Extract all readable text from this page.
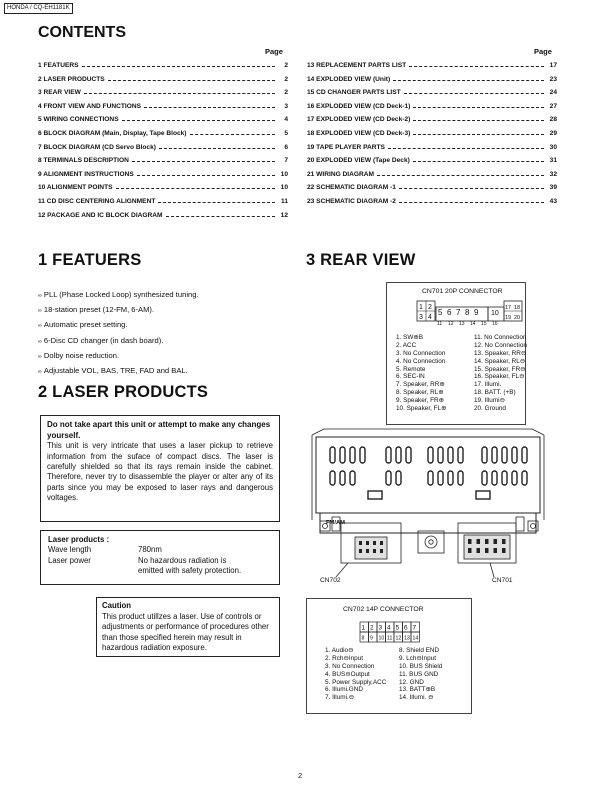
HONDA / CQ-EH1181K
CONTENTS
Page	Page
1 FEATUERS	2
2 LASER PRODUCTS	2
3 REAR VIEW	2
4 FRONT VIEW AND FUNCTIONS	3
5 WIRING CONNECTIONS	4
6 BLOCK DIAGRAM (Main, Display, Tape Block)	5
7 BLOCK DIAGRAM (CD Servo Block)	6
8 TERMINALS DESCRIPTION	7
9 ALIGNMENT INSTRUCTIONS	10
10 ALIGNMENT POINTS	10
11 CD DISC CENTERING ALIGNMENT	11
12 PACKAGE AND IC BLOCK DIAGRAM	12
13 REPLACEMENT PARTS LIST	17
14 EXPLODED VIEW (Unit)	23
15 CD CHANGER PARTS LIST	24
16 EXPLODED VIEW (CD Deck-1)	27
17 EXPLODED VIEW (CD Deck-2)	28
18 EXPLODED VIEW (CD Deck-3)	29
19 TAPE PLAYER PARTS	30
20 EXPLODED VIEW (Tape Deck)	31
21 WIRING DIAGRAM	32
22 SCHEMATIC DIAGRAM -1	39
23 SCHEMATIC DIAGRAM -2	43
1 FEATUERS
∞ PLL (Phase Locked Loop) synthesized tuning.
∞ 18-station preset (12-FM, 6-AM).
∞ Automatic preset setting.
∞ 6-Disc CD changer (in dash board).
∞ Dolby noise reduction.
∞ Adjustable VOL, BAS, TRE, FAD and BAL.
2 LASER PRODUCTS
Do not take apart this unit or attempt to make any changes yourself.
This unit is very intricate that uses a laser pickup to retrieve information from the suface of compact discs. The laser is carefully shielded so that its rays remain inside the cabinet. Therefore, never try to disassemble the player or alter any of its parts since you may be exposed to laser rays and dangerous voltages.
Laser products :
Wave length	780nm
Laser power	No hazardous radiation is
emitted with safety protection.
Caution
This product utillzes a laser. Use of controls or adjustments or performance of procedures other than those specified herein may result in hazardous radiation exposure.
3 REAR VIEW
CN701 20P CONNECTOR
1 2
3 4
5 6 7 8 9 10
17 18
19 20
11 12 13 14 15 16
1. SW⊕B
2. ACC
3. No Connection
4. No Connection
5. Remote
6. SEC-IN
7. Speaker, RR⊕
8. Speaker, RL⊕
9. Speaker, FR⊕
10. Speaker, FL⊕
11. No Connection
12. No Connection
13. Speaker, RR⊖
14. Speaker, RL⊖
15. Speaker, FR⊖
16. Speaker, FL⊖
17. Illumi.
18. BATT. (+B)
19. Illumi⊖
20. Ground
FM/AM
CN702	CN701
CN702 14P CONNECTOR
1 2 3 4 5 6 7
8 9 10 11 12 13 14
1. Audio⊖
2. Rch⊖Input
3. No Connection
4. BUS⊖Output
5. Power Supply,ACC
6. Illumi.GND
7. Illumi.⊖
8. Shield END
9. Lch⊖Input
10. BUS Shield
11. BUS GND
12. GND
13. BATT⊕B
14. Illumi. ⊖
2
